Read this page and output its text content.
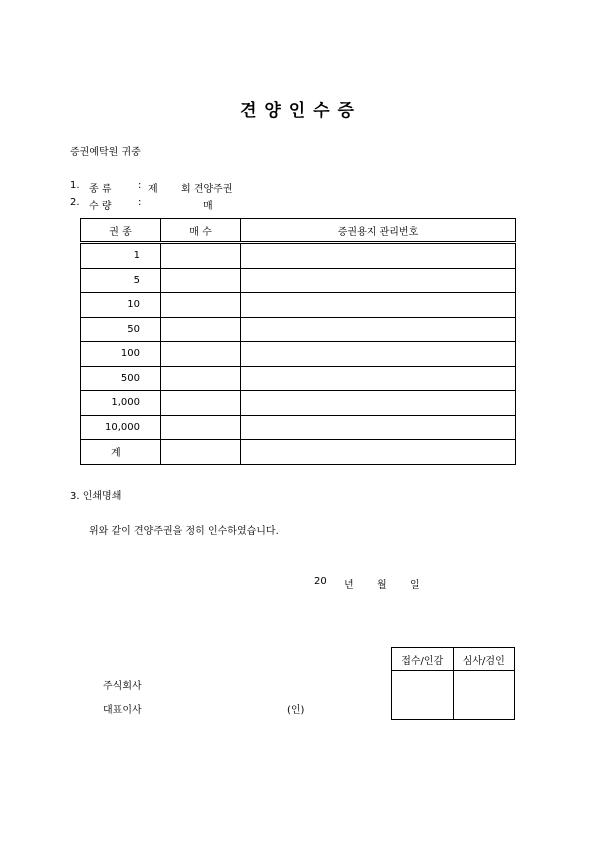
견 양 인 수 증
증권예탁원 귀중
1. 종 류	: 제 회 견양주권
2. 수 량	:	매
권 종	매 수	증권용지 관리번호
1		
5		
10		
50		
100		
500		
1,000		
10,000		
계		
3. 인쇄명쇄
위와 같이 견양주권을 정히 인수하였습니다.
20 년 월 일
주식회사
대표이사	(인)
접수/인감	심사/검인
